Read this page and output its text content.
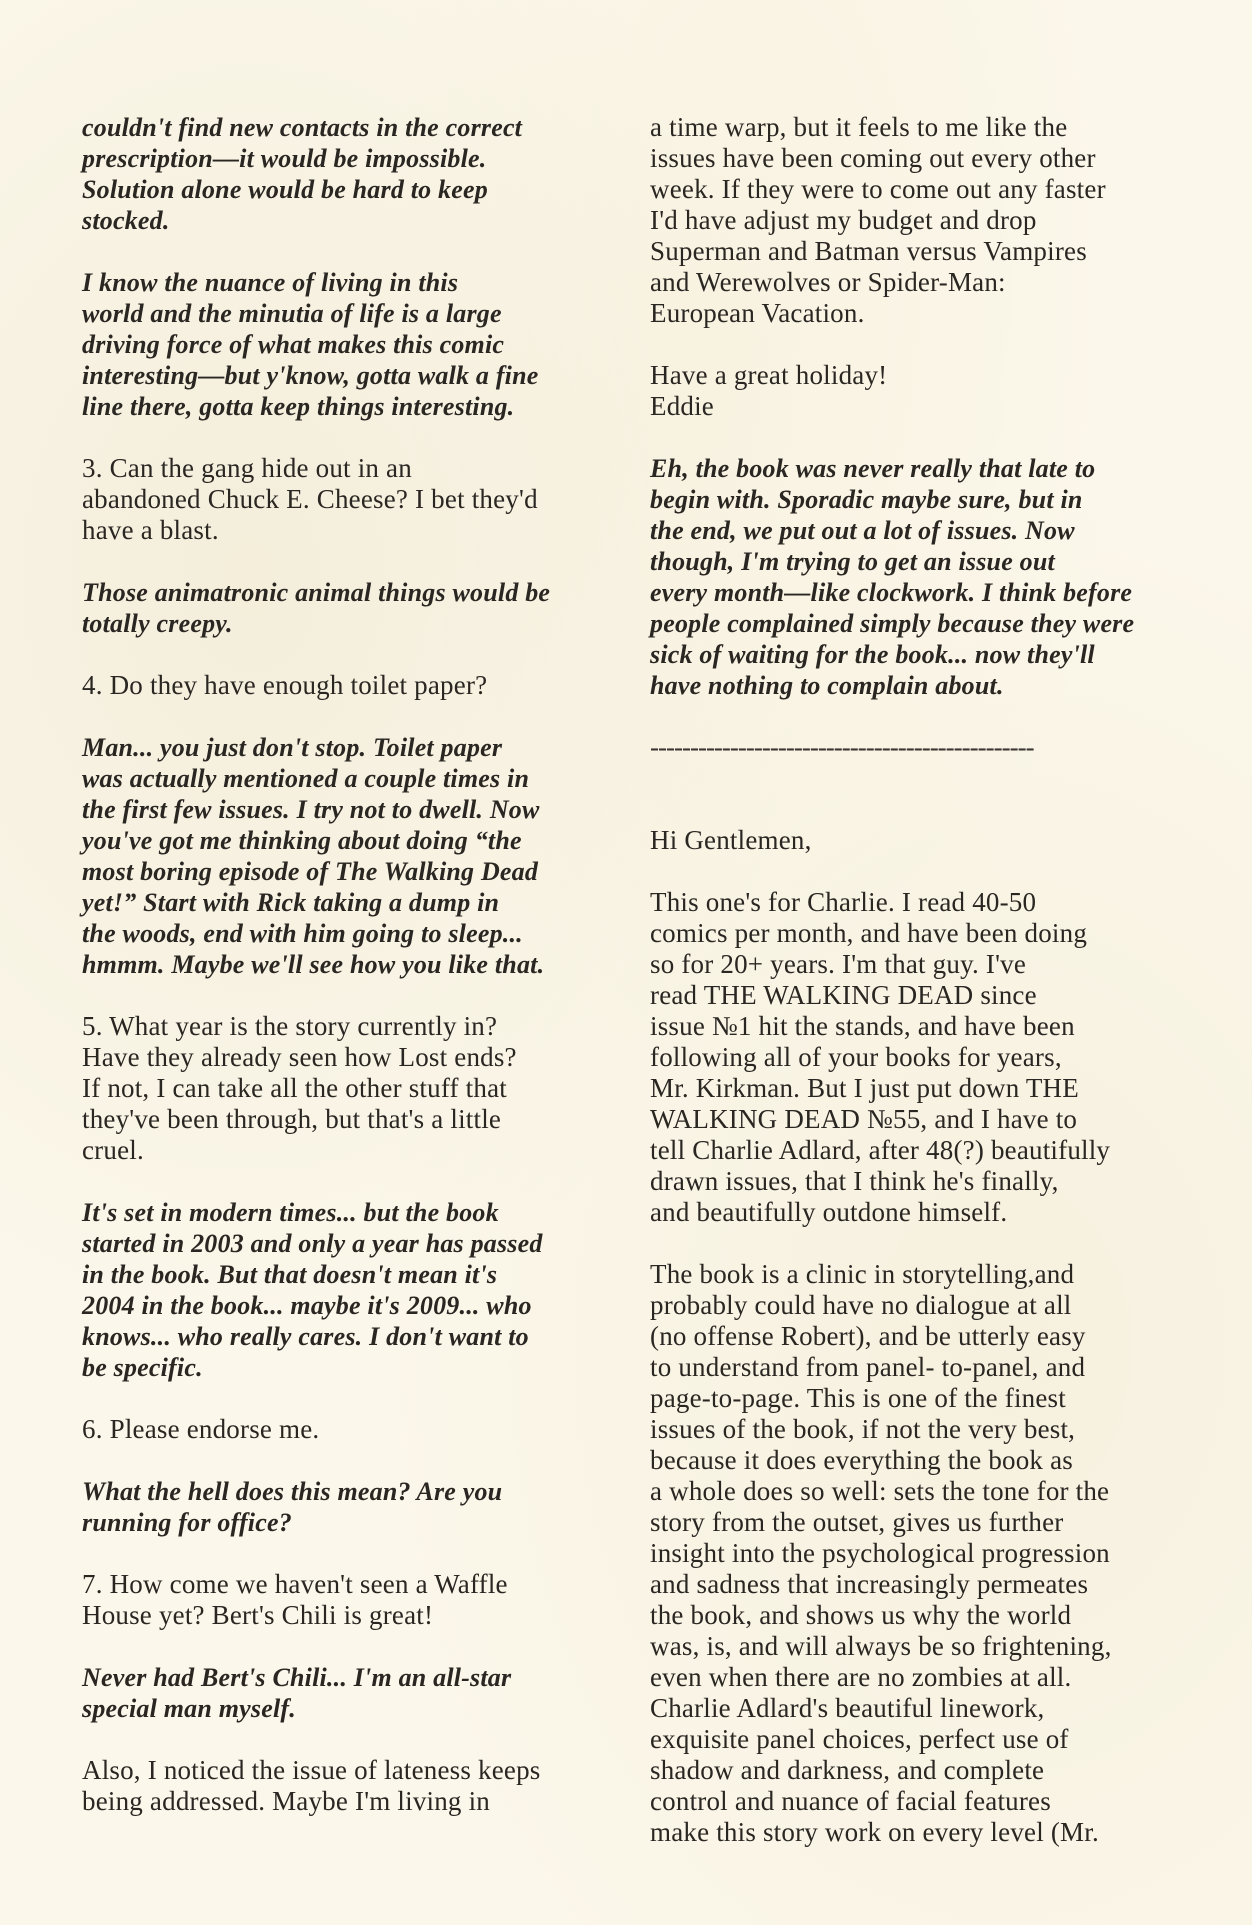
couldn't find new contacts in the correct
prescription—it would be impossible.
Solution alone would be hard to keep
stocked.

I know the nuance of living in this
world and the minutia of life is a large
driving force of what makes this comic
interesting—but y'know, gotta walk a fine
line there, gotta keep things interesting.

3. Can the gang hide out in an
abandoned Chuck E. Cheese? I bet they'd
have a blast.

Those animatronic animal things would be
totally creepy.

4. Do they have enough toilet paper?

Man... you just don't stop. Toilet paper
was actually mentioned a couple times in
the first few issues. I try not to dwell. Now
you've got me thinking about doing “the
most boring episode of The Walking Dead
yet!” Start with Rick taking a dump in
the woods, end with him going to sleep...
hmmm. Maybe we'll see how you like that.

5. What year is the story currently in?
Have they already seen how Lost ends?
If not, I can take all the other stuff that
they've been through, but that's a little
cruel.

It's set in modern times... but the book
started in 2003 and only a year has passed
in the book. But that doesn't mean it's
2004 in the book... maybe it's 2009... who
knows... who really cares. I don't want to
be specific.

6. Please endorse me.

What the hell does this mean? Are you
running for office?

7. How come we haven't seen a Waffle
House yet? Bert's Chili is great!

Never had Bert's Chili... I'm an all-star
special man myself.

Also, I noticed the issue of lateness keeps
being addressed. Maybe I'm living in

a time warp, but it feels to me like the
issues have been coming out every other
week. If they were to come out any faster
I'd have adjust my budget and drop
Superman and Batman versus Vampires
and Werewolves or Spider-Man:
European Vacation.

Have a great holiday!
Eddie

Eh, the book was never really that late to
begin with. Sporadic maybe sure, but in
the end, we put out a lot of issues. Now
though, I'm trying to get an issue out
every month—like clockwork. I think before
people complained simply because they were
sick of waiting for the book... now they'll
have nothing to complain about.

------------------------------------------------

Hi Gentlemen,

This one's for Charlie. I read 40-50
comics per month, and have been doing
so for 20+ years. I'm that guy. I've
read THE WALKING DEAD since
issue №1 hit the stands, and have been
following all of your books for years,
Mr. Kirkman. But I just put down THE
WALKING DEAD №55, and I have to
tell Charlie Adlard, after 48(?) beautifully
drawn issues, that I think he's finally,
and beautifully outdone himself.

The book is a clinic in storytelling,and
probably could have no dialogue at all
(no offense Robert), and be utterly easy
to understand from panel- to-panel, and
page-to-page. This is one of the finest
issues of the book, if not the very best,
because it does everything the book as
a whole does so well: sets the tone for the
story from the outset, gives us further
insight into the psychological progression
and sadness that increasingly permeates
the book, and shows us why the world
was, is, and will always be so frightening,
even when there are no zombies at all.
Charlie Adlard's beautiful linework,
exquisite panel choices, perfect use of
shadow and darkness, and complete
control and nuance of facial features
make this story work on every level (Mr.
